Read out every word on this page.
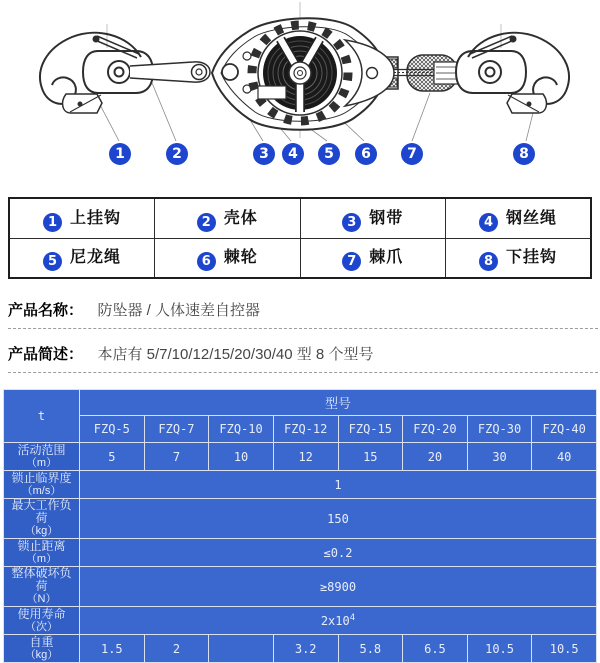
1	2	3	4	5	6	7	8
1 上挂钩	2 壳体	3 钢带	4 钢丝绳
5 尼龙绳	6 棘轮	7 棘爪	8 下挂钩
产品名称： 防坠器 / 人体速差自控器
产品简述： 本店有 5/7/10/12/15/20/30/40 型 8 个型号
t	型号							
	FZQ-5	FZQ-7	FZQ-10	FZQ-12	FZQ-15	FZQ-20	FZQ-30	FZQ-40

活动范围
（m）	5	7	10	12	15	20	30	40

锁止临界度
（m/s）	1							

最大工作负荷
（kg）	150							

锁止距离
（m）	≤0.2							

整体破坏负荷
（N）	≥8900							

使用寿命
（次）	$2x10^4$

自重
（kg）	1.5	2		3.2	5.8	6.5	10.5	10.5
